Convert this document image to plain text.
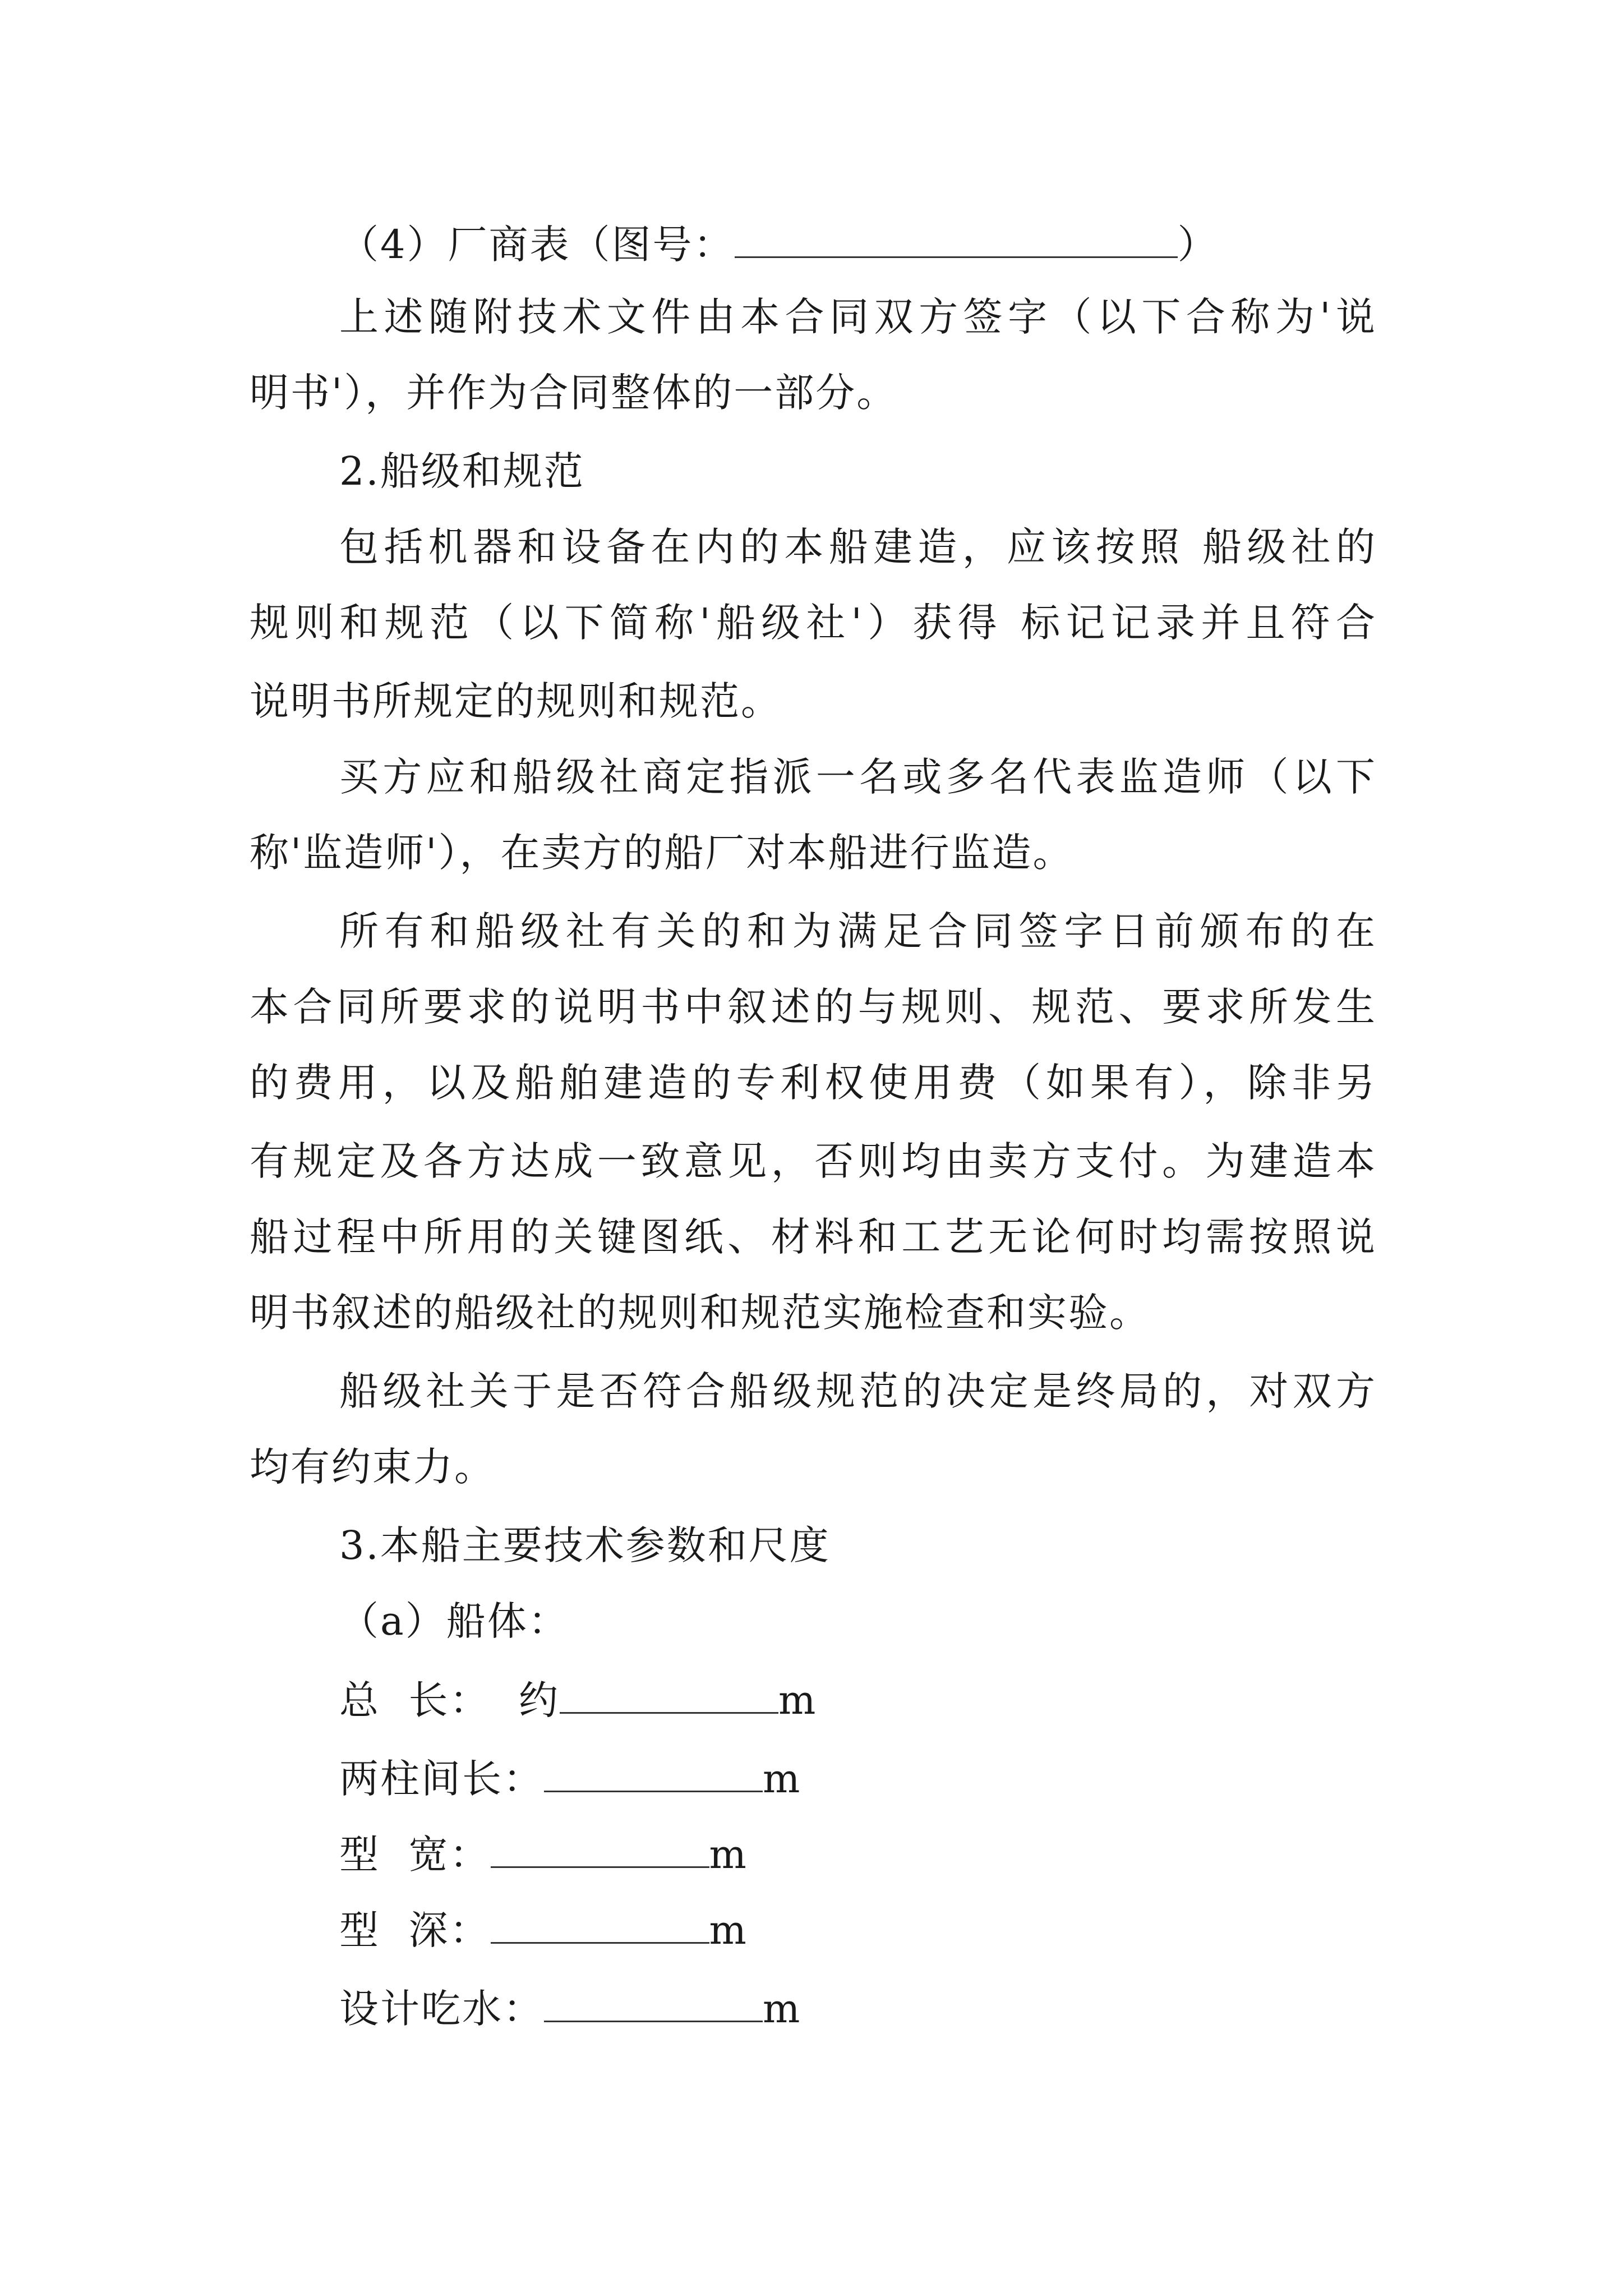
（4）厂商表（图号：	）
上述随附技术文件由本合同双方签字（以下合称为'说
明书'），并作为合同整体的一部分。
2.船级和规范
包括机器和设备在内的本船建造，应该按照 船级社的
规则和规范（以下简称'船级社'）获得 标记记录并且符合
说明书所规定的规则和规范。
买方应和船级社商定指派一名或多名代表监造师（以下
称'监造师'），在卖方的船厂对本船进行监造。
所有和船级社有关的和为满足合同签字日前颁布的在
本合同所要求的说明书中叙述的与规则、规范、要求所发生
的费用，以及船舶建造的专利权使用费（如果有），除非另
有规定及各方达成一致意见，否则均由卖方支付。为建造本
船过程中所用的关键图纸、材料和工艺无论何时均需按照说
明书叙述的船级社的规则和规范实施检查和实验。
船级社关于是否符合船级规范的决定是终局的，对双方
均有约束力。
3.本船主要技术参数和尺度
（a）船体：
总  长：  约	m
两柱间长：	m
型  宽：	m
型  深：	m
设计吃水：	m
